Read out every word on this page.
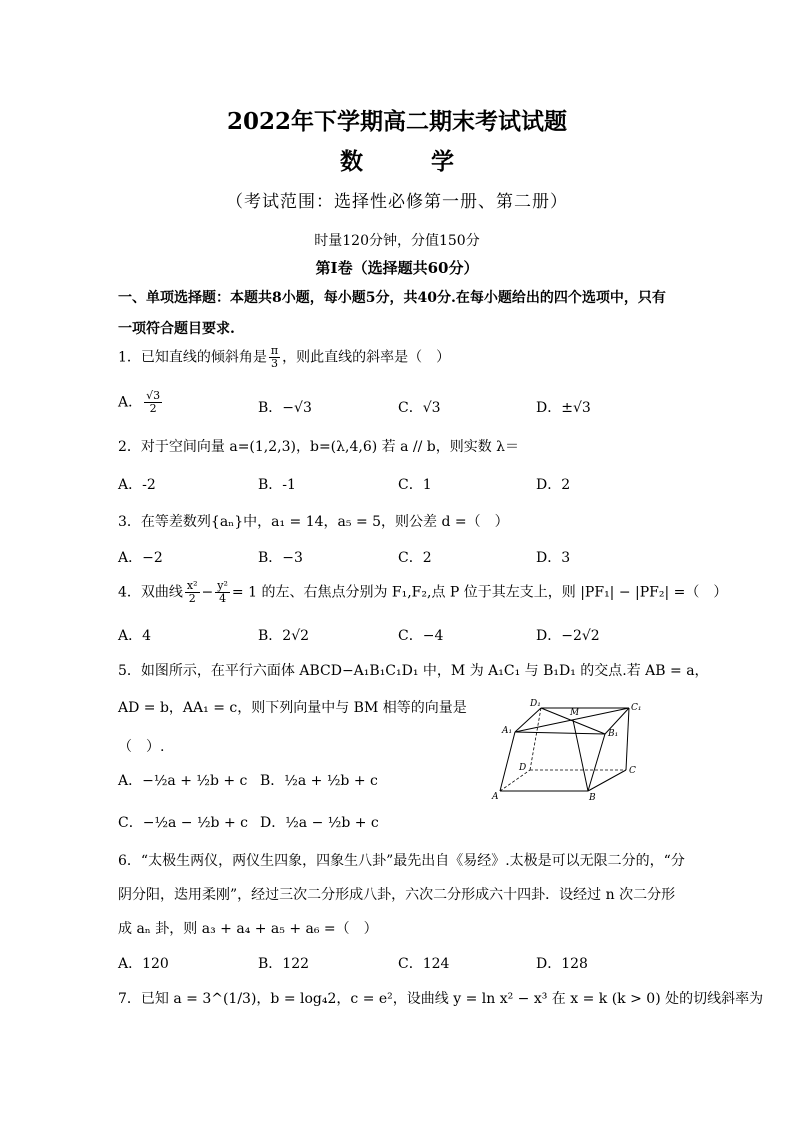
2022年下学期高二期末考试试题
数 学
（考试范围：选择性必修第一册、第二册）
时量120分钟，分值150分
第Ⅰ卷（选择题共60分）
一、单项选择题：本题共8小题，每小题5分，共40分.在每小题给出的四个选项中，只有
一项符合题目要求.
1．已知直线的倾斜角是 $\frac{\pi}{3}$ ，则此直线的斜率是（　）
A． $\frac{√3}{2}$	B．−√3	C．√3	D．±√3
2．对于空间向量 a=(1,2,3)，b=(λ,4,6) 若 a // b，则实数 λ＝
A．-2	B．-1	C．1	D．2
3．在等差数列{aₙ}中，a₁ = 14，a₅ = 5，则公差 d =（　）
A．−2	B．−3	C．2	D．3
4．双曲线 $\frac{\text{x²}}{2} - \frac{\text{y²}}{4} = 1$ 的左、右焦点分别为 F₁,F₂,点 P 位于其左支上，则 |PF₁| − |PF₂| =（　）
A．4	B．2√2	C．−4	D．−2√2
5．如图所示，在平行六面体 ABCD−A₁B₁C₁D₁ 中，M 为 A₁C₁ 与 B₁D₁ 的交点.若 AB = a，
AD = b，AA₁ = c，则下列向量中与 BM 相等的向量是
（　）.
A．−½a + ½b + c B．½a + ½b + c
C．−½a − ½b + c D．½a − ½b + c
A	B
C
D
A₁	B₁
C₁
D₁
M
6．“太极生两仪，两仪生四象，四象生八卦”最先出自《易经》.太极是可以无限二分的，“分
阴分阳，迭用柔刚”，经过三次二分形成八卦，六次二分形成六十四卦．设经过 n 次二分形
成 aₙ 卦，则 a₃ + a₄ + a₅ + a₆ =（　）
A．120	B．122	C．124	D．128
7．已知 a = 3^(1/3)，b = log₄2，c = e²，设曲线 y = ln x² − x³ 在 x = k (k > 0) 处的切线斜率为
